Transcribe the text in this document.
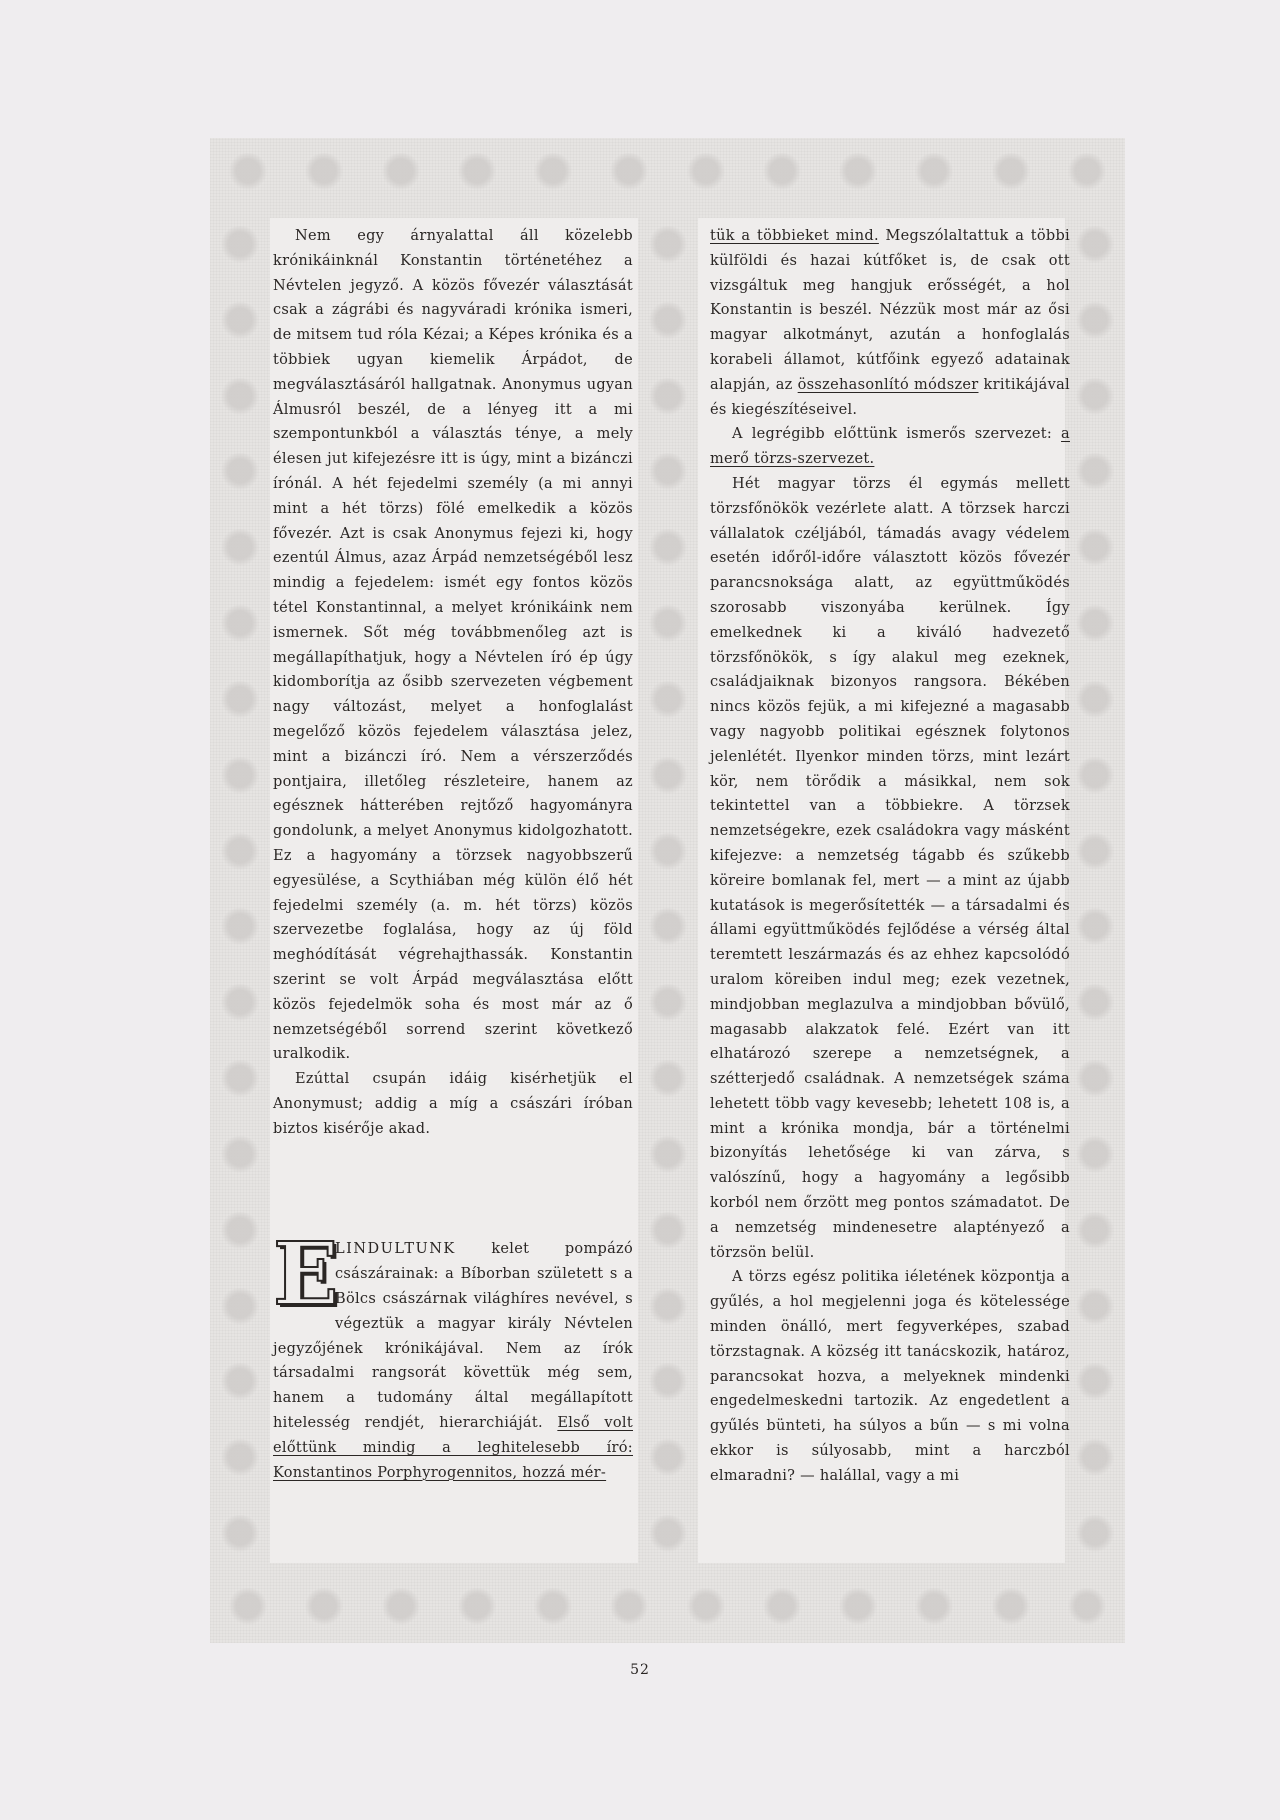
Nem egy árnyalattal áll közelebb krónikáinknál Konstantin történetéhez a Névtelen jegyző. A közös fővezér választását csak a zágrábi és nagyváradi krónika ismeri, de mitsem tud róla Kézai; a Képes krónika és a többiek ugyan kiemelik Árpádot, de megválasztásáról hallgatnak. Anonymus ugyan Álmusról beszél, de a lényeg itt a mi szempontunkból a választás ténye, a mely élesen jut kifejezésre itt is úgy, mint a bizánczi írónál. A hét fejedelmi személy (a mi annyi mint a hét törzs) fölé emelkedik a közös fővezér. Azt is csak Anonymus fejezi ki, hogy ezentúl Álmus, azaz Árpád nemzetségéből lesz mindig a fejedelem: ismét egy fontos közös tétel Konstantinnal, a melyet krónikáink nem ismernek. Sőt még továbbmenőleg azt is megállapíthatjuk, hogy a Névtelen író ép úgy kidomborítja az ősibb szervezeten végbement nagy változást, melyet a honfoglalást megelőző közös fejedelem választása jelez, mint a bizánczi író. Nem a vérszerződés pontjaira, illetőleg részleteire, hanem az egésznek hátterében rejtőző hagyományra gondolunk, a melyet Anonymus kidolgozhatott. Ez a hagyomány a törzsek nagyobbszerű egyesülése, a Scythiában még külön élő hét fejedelmi személy (a. m. hét törzs) közös szervezetbe foglalása, hogy az új föld meghódítását végrehajthassák. Konstantin szerint se volt Árpád megválasztása előtt közös fejedelmök soha és most már az ő nemzetségéből sorrend szerint következő uralkodik.

Ezúttal csupán idáig kisérhetjük el Anonymust; addig a míg a császári íróban biztos kisérője akad.

E
LINDULTUNK kelet pompázó császárainak: a Bíborban született s a Bölcs császárnak világhíres nevével, s végeztük a magyar király Névtelen jegyzőjének krónikájával. Nem az írók társadalmi rangsorát követtük még sem, hanem a tudomány által megállapított hitelesség rendjét, hierarchiáját. Első volt előttünk mindig a leghitelesebb író: Konstantinos Porphyrogennitos, hozzá mér-

tük a többieket mind. Megszólaltattuk a többi külföldi és hazai kútfőket is, de csak ott vizsgáltuk meg hangjuk erősségét, a hol Konstantin is beszél. Nézzük most már az ősi magyar alkotmányt, azután a honfoglalás korabeli államot, kútfőink egyező adatainak alapján, az összehasonlító módszer kritikájával és kiegészítéseivel.

A legrégibb előttünk ismerős szervezet: a merő törzs-szervezet.

Hét magyar törzs él egymás mellett törzsfőnökök vezérlete alatt. A törzsek harczi vállalatok czéljából, támadás avagy védelem esetén időről-időre választott közös fővezér parancsnoksága alatt, az együttműködés szorosabb viszonyába kerülnek. Így emelkednek ki a kiváló hadvezető törzsfőnökök, s így alakul meg ezeknek, családjaiknak bizonyos rangsora. Békében nincs közös fejük, a mi kifejezné a magasabb vagy nagyobb politikai egésznek folytonos jelenlétét. Ilyenkor minden törzs, mint lezárt kör, nem törődik a másikkal, nem sok tekintettel van a többiekre. A törzsek nemzetségekre, ezek családokra vagy másként kifejezve: a nemzetség tágabb és szűkebb köreire bomlanak fel, mert — a mint az újabb kutatások is megerősítették — a társadalmi és állami együttműködés fejlődése a vérség által teremtett leszármazás és az ehhez kapcsolódó uralom köreiben indul meg; ezek vezetnek, mindjobban meglazulva a mindjobban bővülő, magasabb alakzatok felé. Ezért van itt elhatározó szerepe a nemzetségnek, a szétterjedő családnak. A nemzetségek száma lehetett több vagy kevesebb; lehetett 108 is, a mint a krónika mondja, bár a történelmi bizonyítás lehetősége ki van zárva, s valószínű, hogy a hagyomány a legősibb korból nem őrzött meg pontos számadatot. De a nemzetség mindenesetre alaptényező a törzsön belül.

A törzs egész politika iéletének központja a gyűlés, a hol megjelenni joga és kötelessége minden önálló, mert fegyverképes, szabad törzstagnak. A község itt tanácskozik, határoz, parancsokat hozva, a melyeknek mindenki engedelmeskedni tartozik. Az engedetlent a gyűlés bünteti, ha súlyos a bűn — s mi volna ekkor is súlyosabb, mint a harczból elmaradni? — halállal, vagy a mi

52
